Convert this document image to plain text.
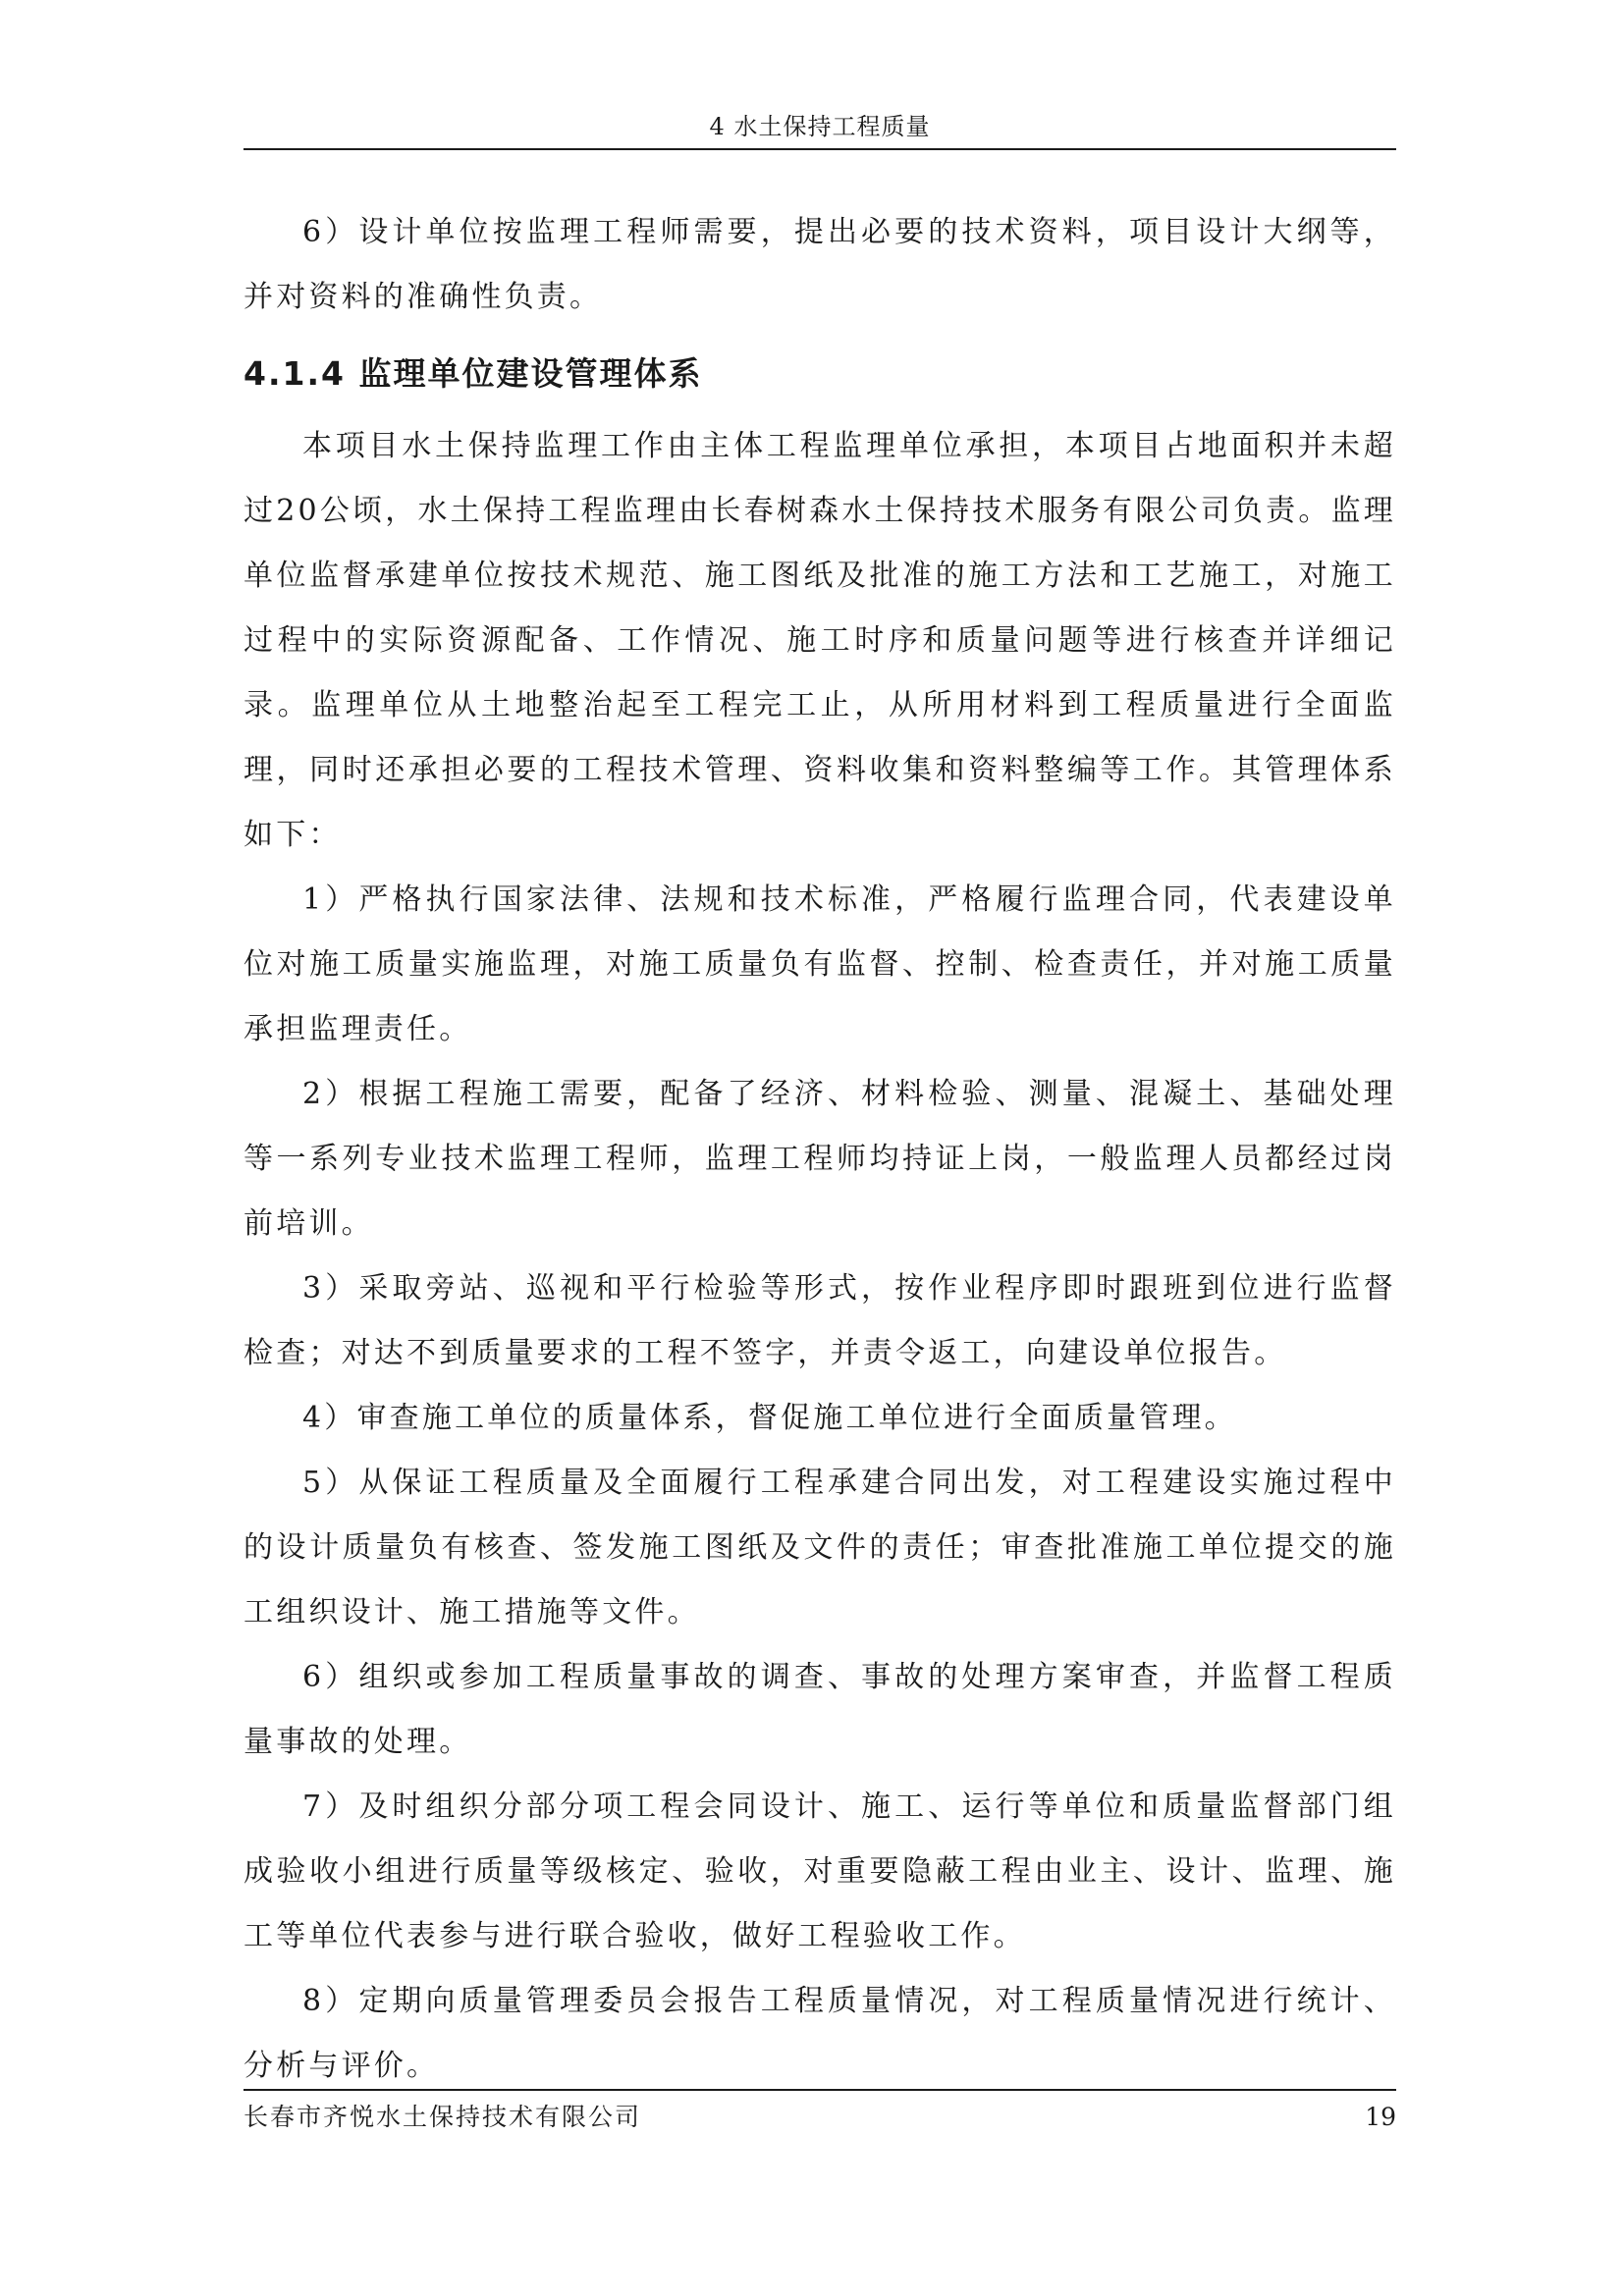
4 水土保持工程质量

6）设计单位按监理工程师需要，提出必要的技术资料，项目设计大纲等，并对资料的准确性负责。

4.1.4 监理单位建设管理体系

本项目水土保持监理工作由主体工程监理单位承担，本项目占地面积并未超过20公顷，水土保持工程监理由长春树森水土保持技术服务有限公司负责。监理单位监督承建单位按技术规范、施工图纸及批准的施工方法和工艺施工，对施工过程中的实际资源配备、工作情况、施工时序和质量问题等进行核查并详细记录。监理单位从土地整治起至工程完工止，从所用材料到工程质量进行全面监理，同时还承担必要的工程技术管理、资料收集和资料整编等工作。其管理体系如下：

1）严格执行国家法律、法规和技术标准，严格履行监理合同，代表建设单位对施工质量实施监理，对施工质量负有监督、控制、检查责任，并对施工质量承担监理责任。

2）根据工程施工需要，配备了经济、材料检验、测量、混凝土、基础处理等一系列专业技术监理工程师，监理工程师均持证上岗，一般监理人员都经过岗前培训。

3）采取旁站、巡视和平行检验等形式，按作业程序即时跟班到位进行监督检查；对达不到质量要求的工程不签字，并责令返工，向建设单位报告。

4）审查施工单位的质量体系，督促施工单位进行全面质量管理。

5）从保证工程质量及全面履行工程承建合同出发，对工程建设实施过程中的设计质量负有核查、签发施工图纸及文件的责任；审查批准施工单位提交的施工组织设计、施工措施等文件。

6）组织或参加工程质量事故的调查、事故的处理方案审查，并监督工程质量事故的处理。

7）及时组织分部分项工程会同设计、施工、运行等单位和质量监督部门组成验收小组进行质量等级核定、验收，对重要隐蔽工程由业主、设计、监理、施工等单位代表参与进行联合验收，做好工程验收工作。

8）定期向质量管理委员会报告工程质量情况，对工程质量情况进行统计、分析与评价。

长春市齐悦水土保持技术有限公司	19
